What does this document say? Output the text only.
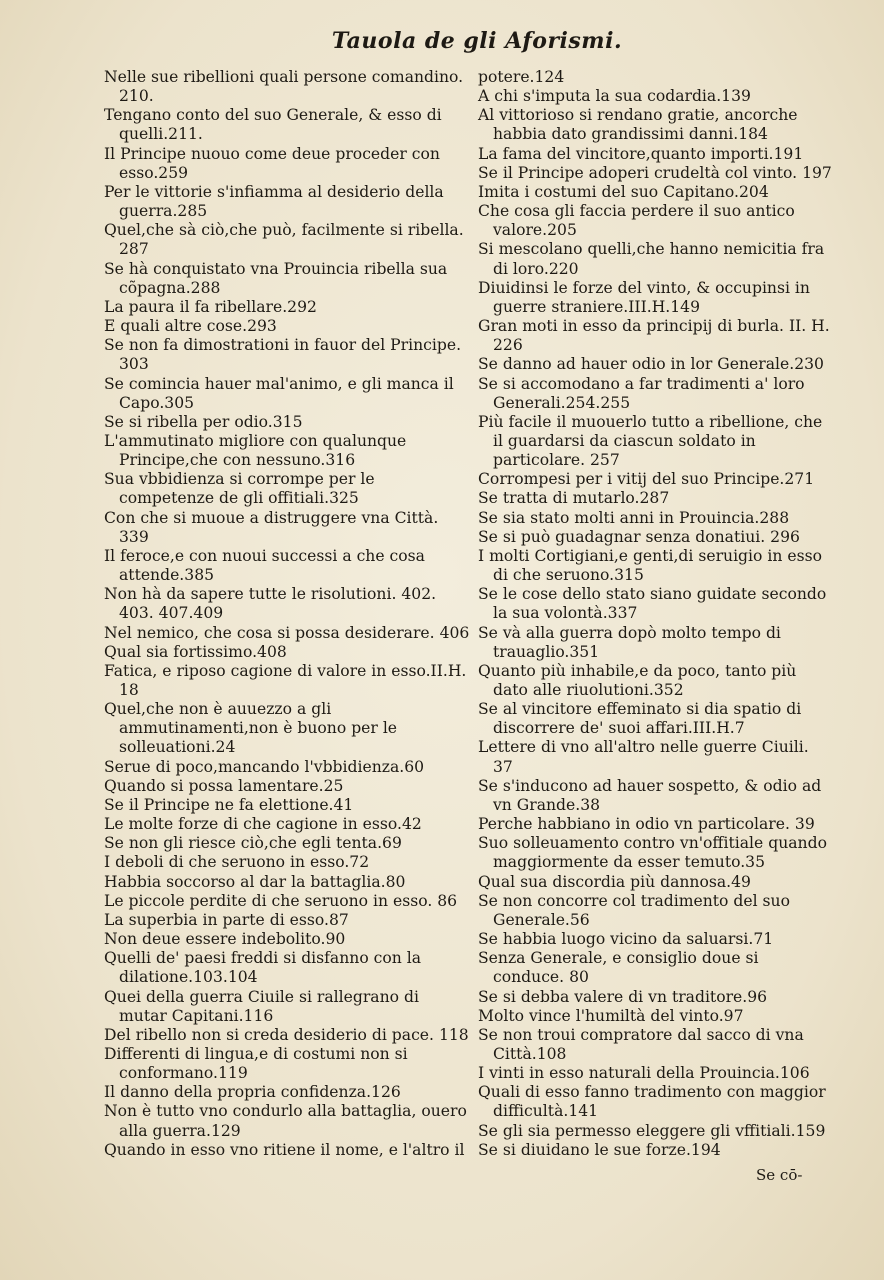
Tauola de gli Aforismi.
Nelle sue ribellioni quali persone comandino. 210.
Tengano conto del suo Generale, & esso di quelli.211.
Il Principe nuouo come deue proceder con esso.259
Per le vittorie s'infiamma al desiderio della guerra.285
Quel,che sà ciò,che può, facilmente si ribella. 287
Se hà conquistato vna Prouincia ribella sua cõpagna.288
La paura il fa ribellare.292
E quali altre cose.293
Se non fa dimostrationi in fauor del Principe. 303
Se comincia hauer mal'animo, e gli manca il Capo.305
Se si ribella per odio.315
L'ammutinato migliore con qualunque Principe,che con nessuno.316
Sua vbbidienza si corrompe per le competenze de gli offitiali.325
Con che si muoue a distruggere vna Città. 339
Il feroce,e con nuoui successi a che cosa attende.385
Non hà da sapere tutte le risolutioni. 402. 403. 407.409
Nel nemico, che cosa si possa desiderare. 406
Qual sia fortissimo.408
Fatica, e riposo cagione di valore in esso.II.H. 18
Quel,che non è auuezzo a gli ammutinamenti,non è buono per le solleuationi.24
Serue di poco,mancando l'vbbidienza.60
Quando si possa lamentare.25
Se il Principe ne fa elettione.41
Le molte forze di che cagione in esso.42
Se non gli riesce ciò,che egli tenta.69
I deboli di che seruono in esso.72
Habbia soccorso al dar la battaglia.80
Le piccole perdite di che seruono in esso. 86
La superbia in parte di esso.87
Non deue essere indebolito.90
Quelli de' paesi freddi si disfanno con la dilatione.103.104
Quei della guerra Ciuile si rallegrano di mutar Capitani.116
Del ribello non si creda desiderio di pace. 118
Differenti di lingua,e di costumi non si conformano.119
Il danno della propria confidenza.126
Non è tutto vno condurlo alla battaglia, ouero alla guerra.129
Quando in esso vno ritiene il nome, e l'altro il
potere.124
A chi s'imputa la sua codardia.139
Al vittorioso si rendano gratie, ancorche habbia dato grandissimi danni.184
La fama del vincitore,quanto importi.191
Se il Principe adoperi crudeltà col vinto. 197
Imita i costumi del suo Capitano.204
Che cosa gli faccia perdere il suo antico valore.205
Si mescolano quelli,che hanno nemicitia fra di loro.220
Diuidinsi le forze del vinto, & occupinsi in guerre straniere.III.H.149
Gran moti in esso da principij di burla. II. H. 226
Se danno ad hauer odio in lor Generale.230
Se si accomodano a far tradimenti a' loro Generali.254.255
Più facile il muouerlo tutto a ribellione, che il guardarsi da ciascun soldato in particolare. 257
Corrompesi per i vitij del suo Principe.271
Se tratta di mutarlo.287
Se sia stato molti anni in Prouincia.288
Se si può guadagnar senza donatiui. 296
I molti Cortigiani,e genti,di seruigio in esso di che seruono.315
Se le cose dello stato siano guidate secondo la sua volontà.337
Se và alla guerra dopò molto tempo di trauaglio.351
Quanto più inhabile,e da poco, tanto più dato alle riuolutioni.352
Se al vincitore effeminato si dia spatio di discorrere de' suoi affari.III.H.7
Lettere di vno all'altro nelle guerre Ciuili. 37
Se s'inducono ad hauer sospetto, & odio ad vn Grande.38
Perche habbiano in odio vn particolare. 39
Suo solleuamento contro vn'offitiale quando maggiormente da esser temuto.35
Qual sua discordia più dannosa.49
Se non concorre col tradimento del suo Generale.56
Se habbia luogo vicino da saluarsi.71
Senza Generale, e consiglio doue si conduce. 80
Se si debba valere di vn traditore.96
Molto vince l'humiltà del vinto.97
Se non troui compratore dal sacco di vna Città.108
I vinti in esso naturali della Prouincia.106
Quali di esso fanno tradimento con maggior difficultà.141
Se gli sia permesso eleggere gli vffitiali.159
Se si diuidano le sue forze.194
Se cō-
